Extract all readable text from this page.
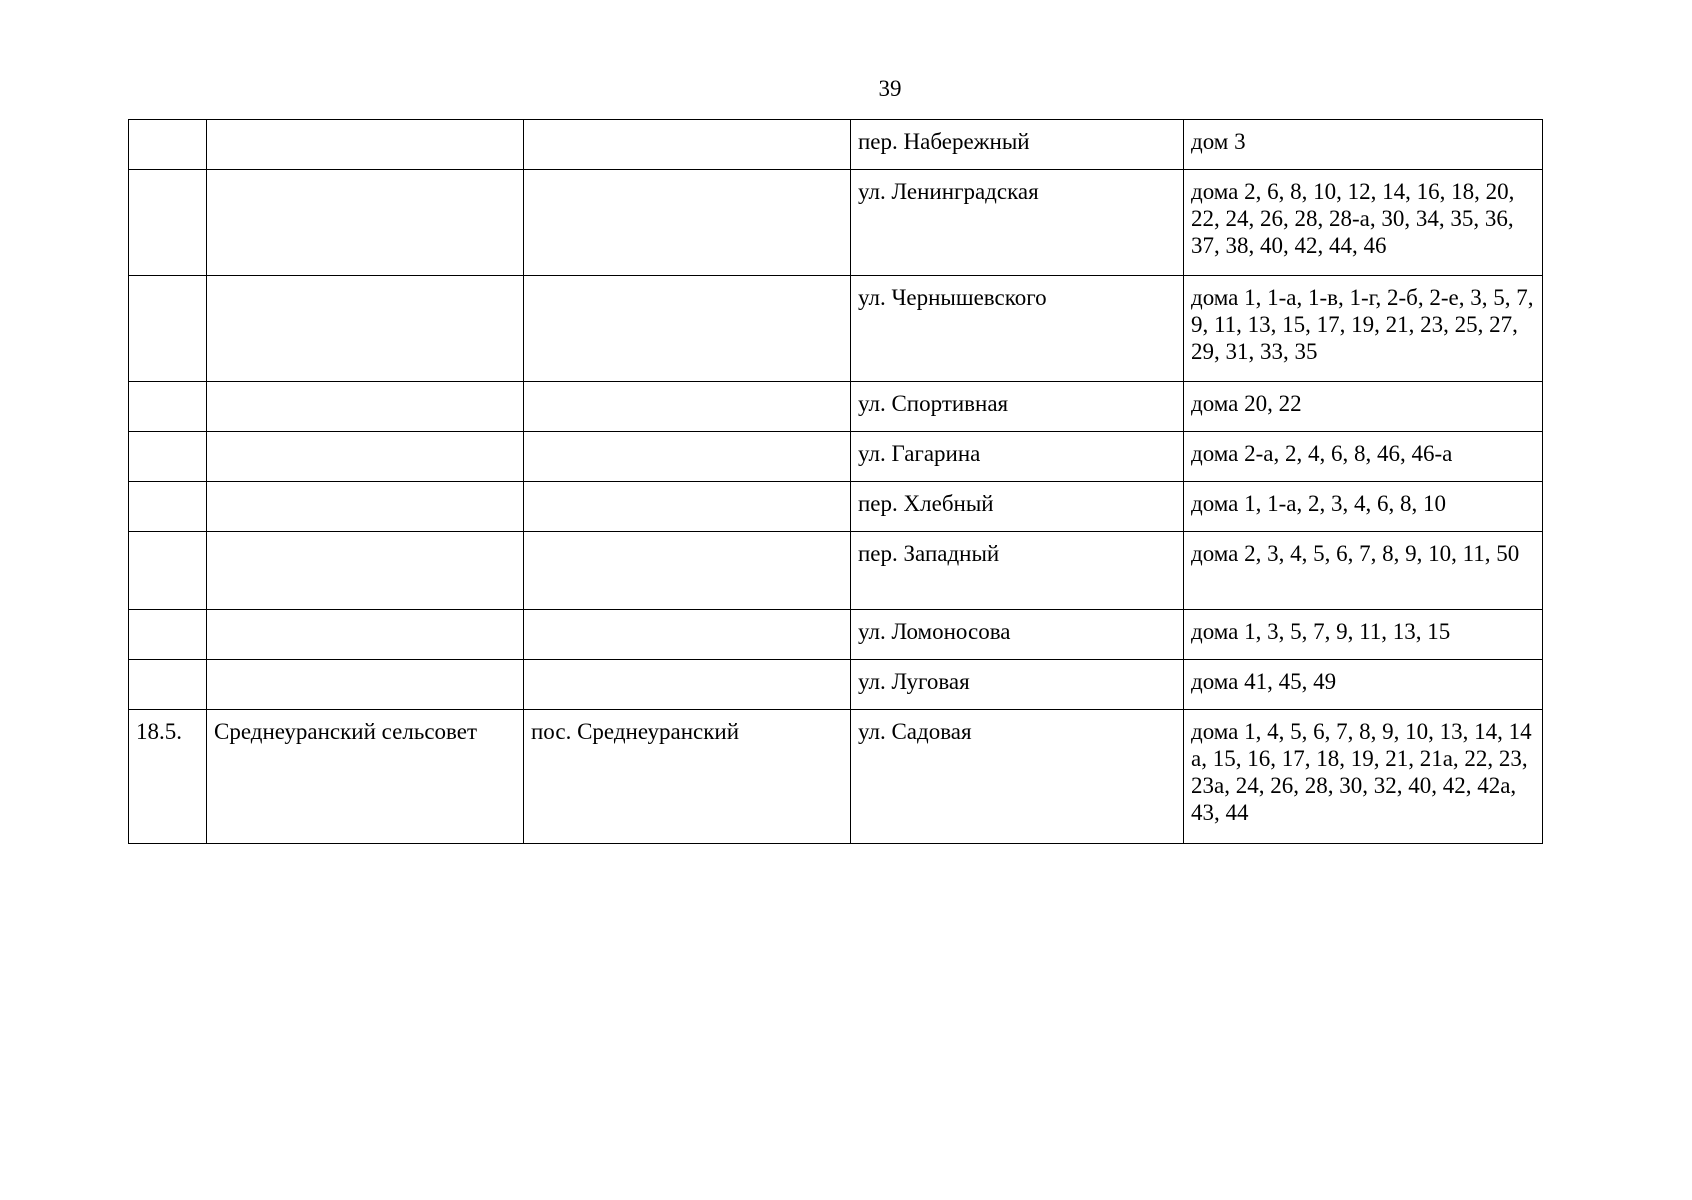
39
			пер. Набережный	дом 3
			ул. Ленинградская	дома 2, 6, 8, 10, 12, 14, 16, 18, 20, 22, 24, 26, 28, 28-а, 30, 34, 35, 36, 37, 38, 40, 42, 44, 46
			ул. Чернышевского	дома 1, 1-а, 1-в, 1-г, 2-б, 2-е, 3, 5, 7, 9, 11, 13, 15, 17, 19, 21, 23, 25, 27, 29, 31, 33, 35
			ул. Спортивная	дома 20, 22
			ул. Гагарина	дома 2-а, 2, 4, 6, 8, 46, 46-а
			пер. Хлебный	дома 1, 1-а, 2, 3, 4, 6, 8, 10
			пер. Западный	дома 2, 3, 4, 5, 6, 7, 8, 9, 10, 11, 50
			ул. Ломоносова	дома 1, 3, 5, 7, 9, 11, 13, 15
			ул. Луговая	дома 41, 45, 49
18.5.	Среднеуранский сельсовет	пос. Среднеуранский	ул. Садовая	дома 1, 4, 5, 6, 7, 8, 9, 10, 13, 14, 14 а, 15, 16, 17, 18, 19, 21, 21а, 22, 23, 23а, 24, 26, 28, 30, 32, 40, 42, 42а, 43, 44
